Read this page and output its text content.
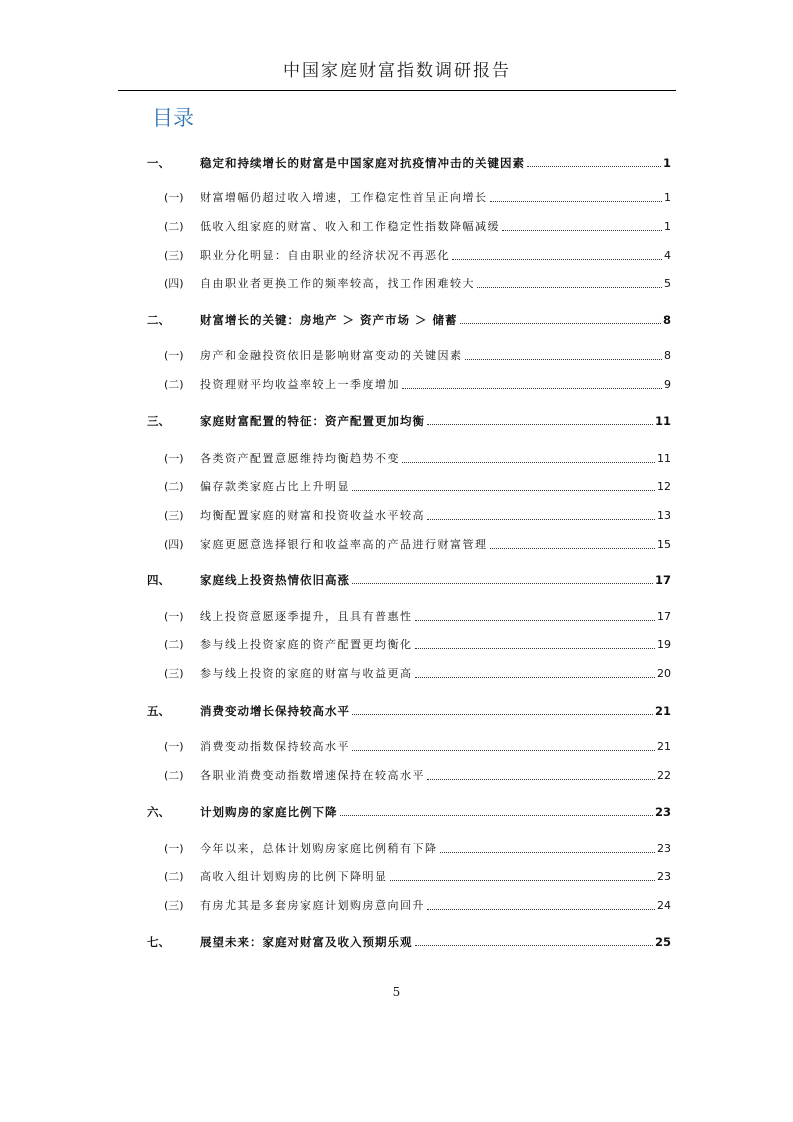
中国家庭财富指数调研报告
目录
一、	稳定和持续增长的财富是中国家庭对抗疫情冲击的关键因素	1
(一)	财富增幅仍超过收入增速，工作稳定性首呈正向增长	1
(二)	低收入组家庭的财富、收入和工作稳定性指数降幅减缓	1
(三)	职业分化明显：自由职业的经济状况不再恶化	4
(四)	自由职业者更换工作的频率较高，找工作困难较大	5
二、	财富增长的关键：房地产 ＞ 资产市场 ＞ 储蓄	8
(一)	房产和金融投资依旧是影响财富变动的关键因素	8
(二)	投资理财平均收益率较上一季度增加	9
三、	家庭财富配置的特征：资产配置更加均衡	11
(一)	各类资产配置意愿维持均衡趋势不变	11
(二)	偏存款类家庭占比上升明显	12
(三)	均衡配置家庭的财富和投资收益水平较高	13
(四)	家庭更愿意选择银行和收益率高的产品进行财富管理	15
四、	家庭线上投资热情依旧高涨	17
(一)	线上投资意愿逐季提升，且具有普惠性	17
(二)	参与线上投资家庭的资产配置更均衡化	19
(三)	参与线上投资的家庭的财富与收益更高	20
五、	消费变动增长保持较高水平	21
(一)	消费变动指数保持较高水平	21
(二)	各职业消费变动指数增速保持在较高水平	22
六、	计划购房的家庭比例下降	23
(一)	今年以来，总体计划购房家庭比例稍有下降	23
(二)	高收入组计划购房的比例下降明显	23
(三)	有房尤其是多套房家庭计划购房意向回升	24
七、	展望未来：家庭对财富及收入预期乐观	25
5
